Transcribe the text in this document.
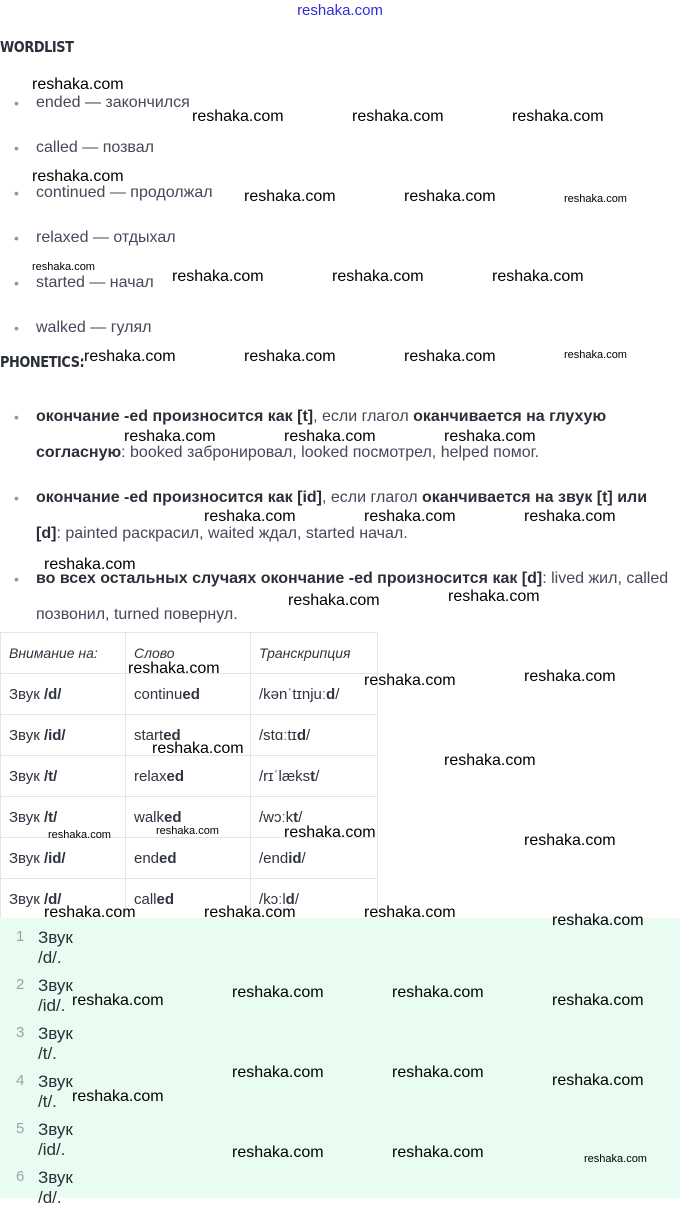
reshaka.com
WORDLIST
• ended — закончился
• called — позвал
• continued — продолжал
• relaxed — отдыхал
• started — начал
• walked — гулял
PHONETICS:
•	окончание -ed произносится как [t], если глагол оканчивается на глухую согласную: booked забронировал, looked посмотрел, helped помог.
•	окончание -ed произносится как [id], если глагол оканчивается на звук [t] или [d]: painted раскрасил, waited ждал, started начал.
•	во всех остальных случаях окончание -ed произносится как [d]: lived жил, called позвонил, turned повернул.
Внимание на:	Слово	Транскрипция
Звук /d/	continued	/kənˈtɪnjuːd/
Звук /id/	started	/stɑːtɪd/
Звук /t/	relaxed	/rɪˈlækst/
Звук /t/	walked	/wɔːkt/
Звук /id/	ended	/endid/
Звук /d/	called	/kɔːld/
1 Звук /d/.
2 Звук /id/.
3 Звук /t/.
4 Звук /t/.
5 Звук /id/.
6 Звук /d/.
reshaka.com
reshaka.com	reshaka.com	reshaka.com
reshaka.com
reshaka.com	reshaka.com	reshaka.com
reshaka.com
reshaka.com	reshaka.com	reshaka.com
reshaka.com	reshaka.com	reshaka.com	reshaka.com
reshaka.com	reshaka.com	reshaka.com
reshaka.com	reshaka.com	reshaka.com
reshaka.com
reshaka.com	reshaka.com
reshaka.com
reshaka.com	reshaka.com
reshaka.com
reshaka.com
reshaka.com	reshaka.com	reshaka.com	reshaka.com
reshaka.com	reshaka.com	reshaka.com	reshaka.com
reshaka.com	reshaka.com	reshaka.com	reshaka.com
reshaka.com
reshaka.com	reshaka.com	reshaka.com
reshaka.com	reshaka.com	reshaka.com
